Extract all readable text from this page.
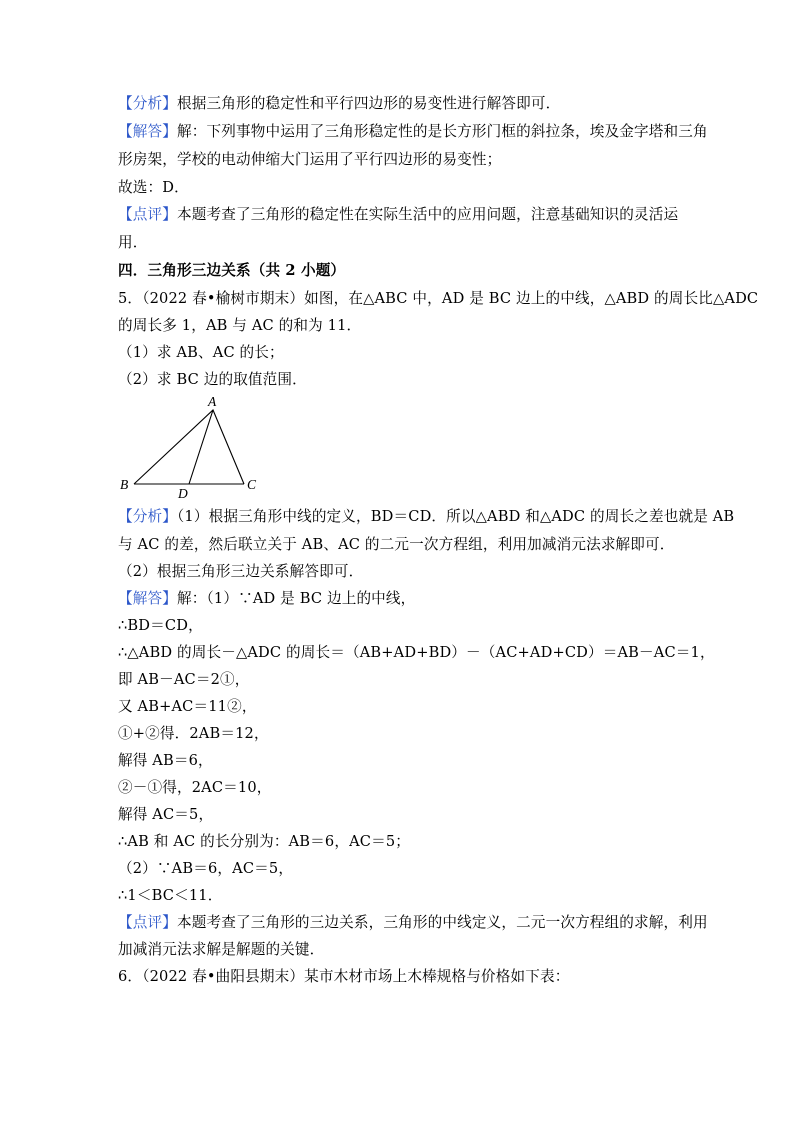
【分析】根据三角形的稳定性和平行四边形的易变性进行解答即可．
【解答】解：下列事物中运用了三角形稳定性的是长方形门框的斜拉条，埃及金字塔和三角
形房架，学校的电动伸缩大门运用了平行四边形的易变性；
故选：D．
【点评】本题考查了三角形的稳定性在实际生活中的应用问题，注意基础知识的灵活运
用．
四．三角形三边关系（共 2 小题）
5．（2022 春•榆树市期末）如图，在△ABC 中，AD 是 BC 边上的中线，△ABD 的周长比△ADC
的周长多 1，AB 与 AC 的和为 11．
（1）求 AB、AC 的长；
（2）求 BC 边的取值范围．
A
B	C
D
【分析】（1）根据三角形中线的定义，BD＝CD．所以△ABD 和△ADC 的周长之差也就是 AB
与 AC 的差，然后联立关于 AB、AC 的二元一次方程组，利用加减消元法求解即可．
（2）根据三角形三边关系解答即可．
【解答】解：（1）∵AD 是 BC 边上的中线，
∴BD＝CD，
∴△ABD 的周长－△ADC 的周长＝（AB+AD+BD）－（AC+AD+CD）＝AB－AC＝1，
即 AB－AC＝2①，
又 AB+AC＝11②，
①+②得．2AB＝12，
解得 AB＝6，
②－①得，2AC＝10，
解得 AC＝5，
∴AB 和 AC 的长分别为：AB＝6，AC＝5；
（2）∵AB＝6，AC＝5，
∴1＜BC＜11．
【点评】本题考查了三角形的三边关系，三角形的中线定义，二元一次方程组的求解，利用
加减消元法求解是解题的关键．
6．（2022 春•曲阳县期末）某市木材市场上木棒规格与价格如下表：
